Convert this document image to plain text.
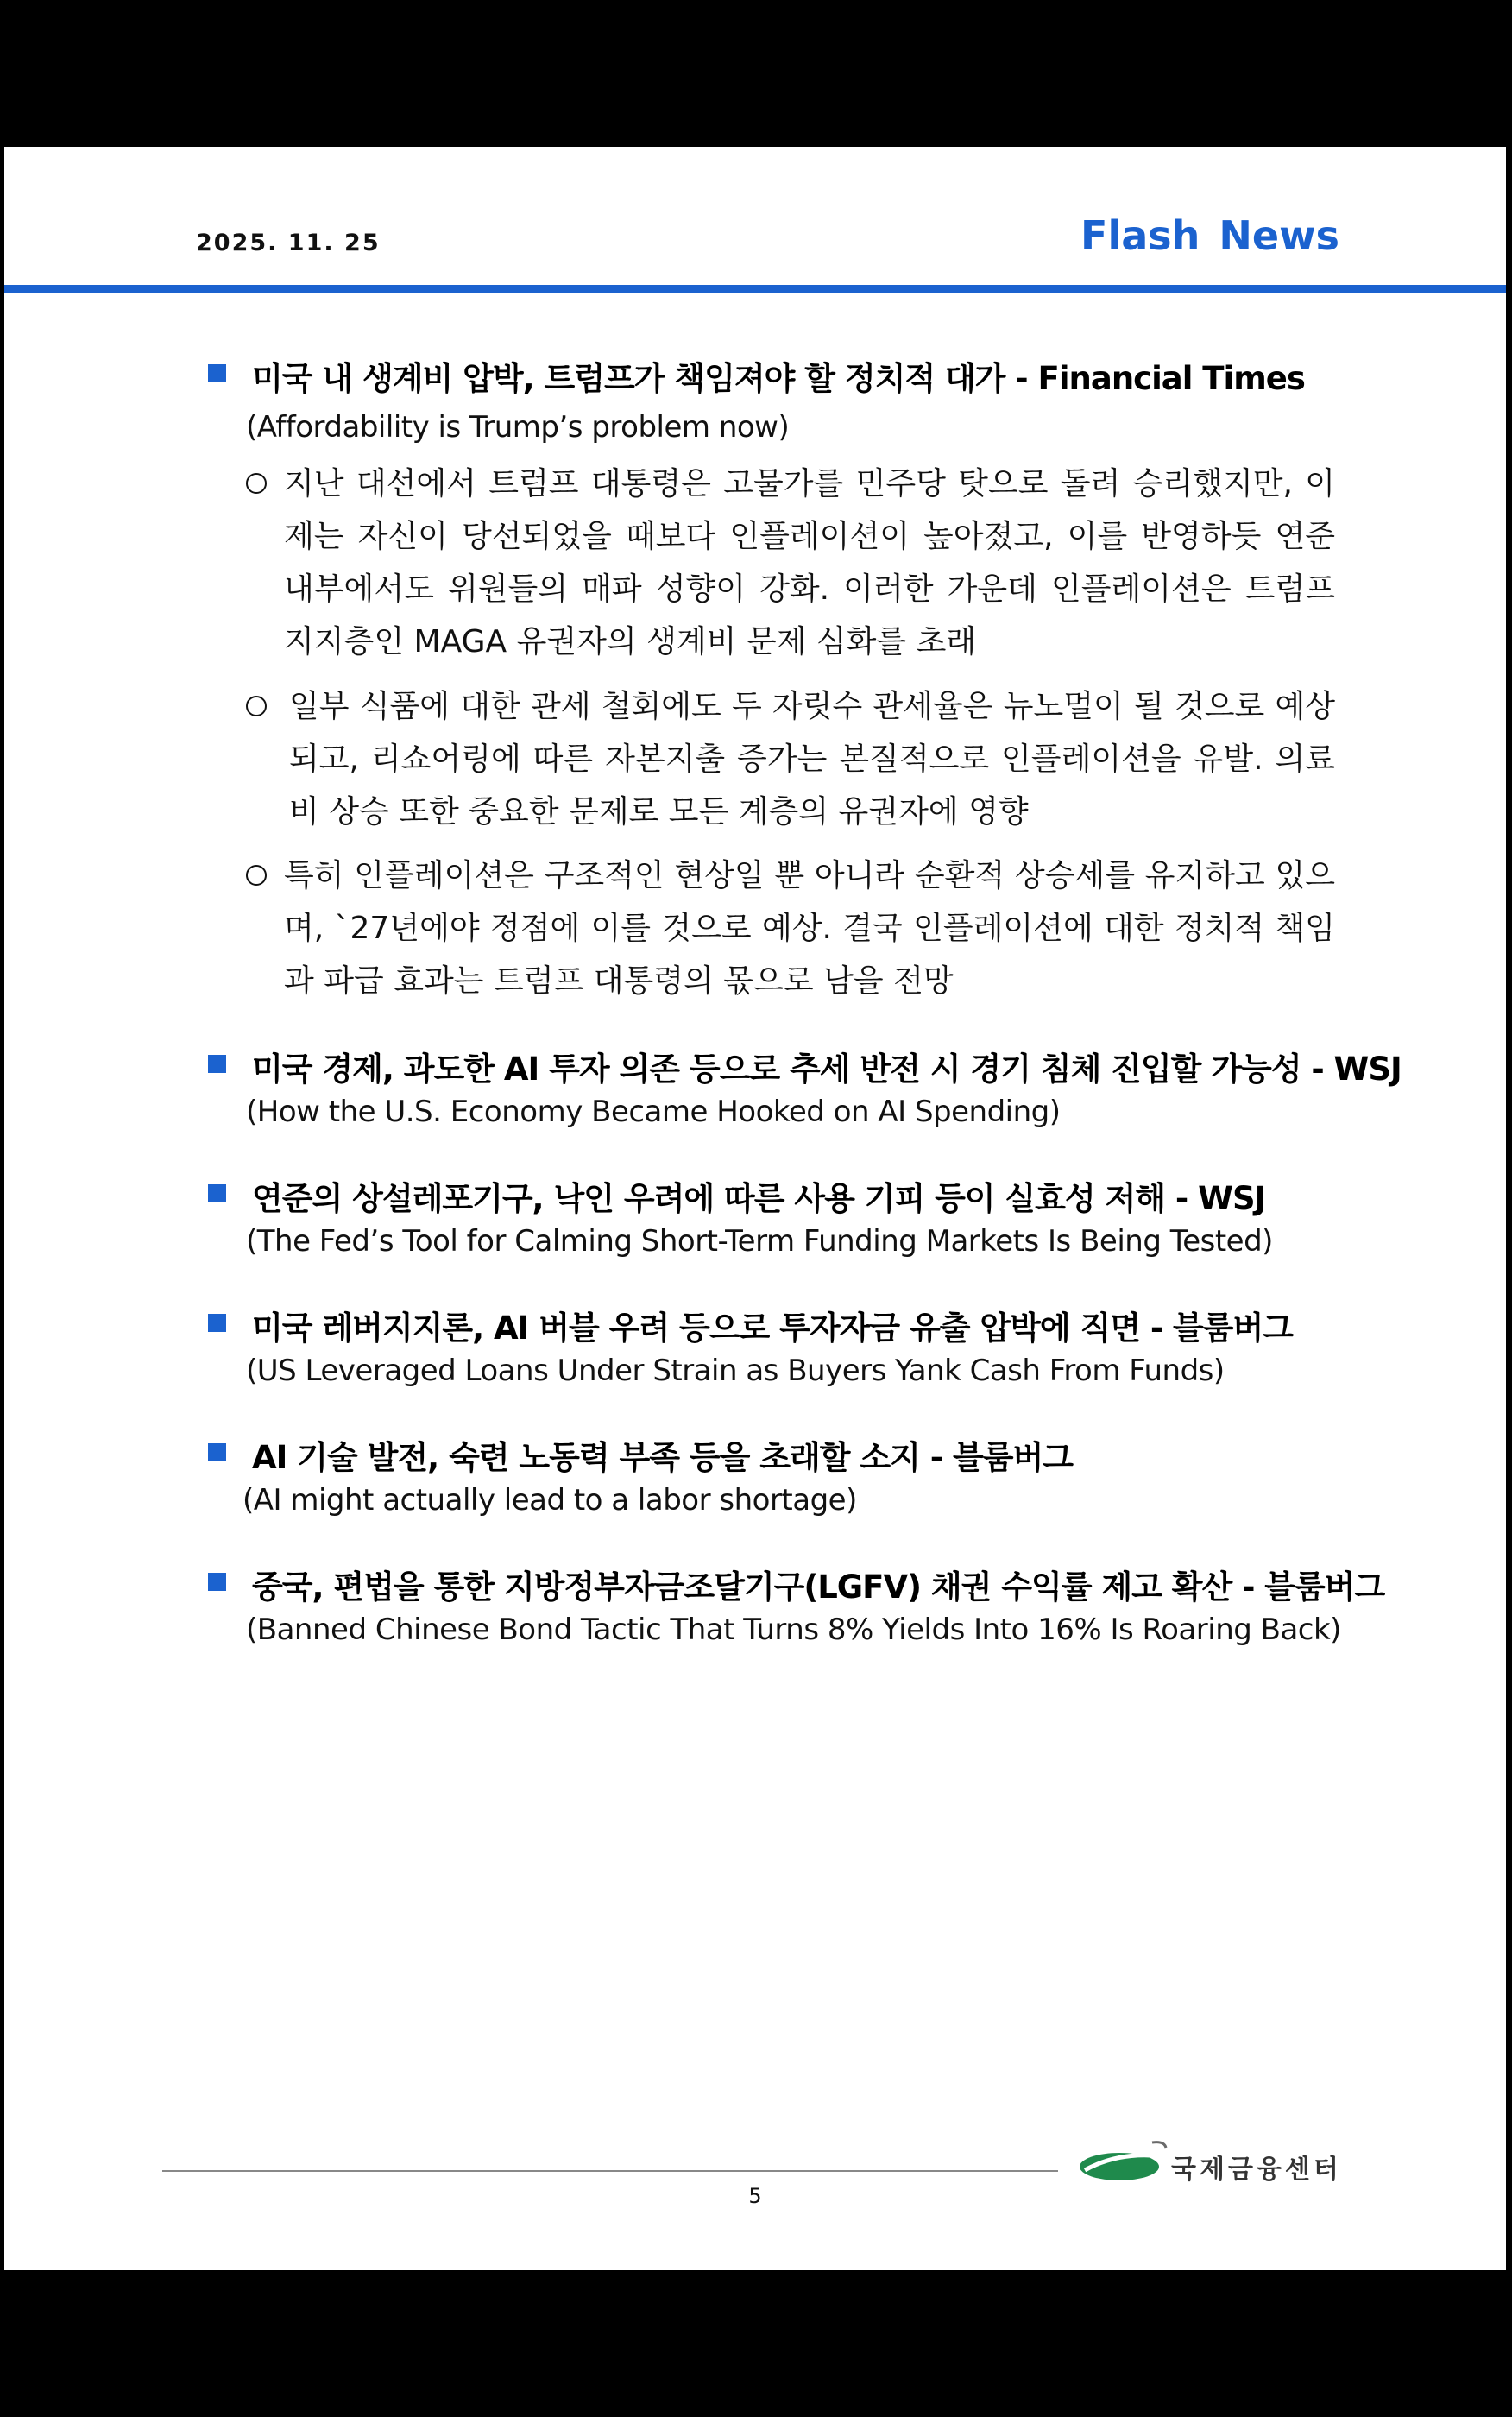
2025. 11. 25	Flash News
미국 내 생계비 압박, 트럼프가 책임져야 할 정치적 대가 - Financial Times
(Affordability is Trump’s problem now)
지난 대선에서 트럼프 대통령은 고물가를 민주당 탓으로 돌려 승리했지만, 이제는 자신이 당선되었을 때보다 인플레이션이 높아졌고, 이를 반영하듯 연준 내부에서도 위원들의 매파 성향이 강화. 이러한 가운데 인플레이션은 트럼프 지지층인 MAGA 유권자의 생계비 문제 심화를 초래
일부 식품에 대한 관세 철회에도 두 자릿수 관세율은 뉴노멀이 될 것으로 예상되고, 리쇼어링에 따른 자본지출 증가는 본질적으로 인플레이션을 유발. 의료비 상승 또한 중요한 문제로 모든 계층의 유권자에 영향
특히 인플레이션은 구조적인 현상일 뿐 아니라 순환적 상승세를 유지하고 있으며, `27년에야 정점에 이를 것으로 예상. 결국 인플레이션에 대한 정치적 책임과 파급 효과는 트럼프 대통령의 몫으로 남을 전망
미국 경제, 과도한 AI 투자 의존 등으로 추세 반전 시 경기 침체 진입할 가능성 - WSJ
(How the U.S. Economy Became Hooked on AI Spending)
연준의 상설레포기구, 낙인 우려에 따른 사용 기피 등이 실효성 저해 - WSJ
(The Fed’s Tool for Calming Short-Term Funding Markets Is Being Tested)
미국 레버지지론, AI 버블 우려 등으로 투자자금 유출 압박에 직면 - 블룸버그
(US Leveraged Loans Under Strain as Buyers Yank Cash From Funds)
AI 기술 발전, 숙련 노동력 부족 등을 초래할 소지 - 블룸버그
(AI might actually lead to a labor shortage)
중국, 편법을 통한 지방정부자금조달기구(LGFV) 채권 수익률 제고 확산 - 블룸버그
(Banned Chinese Bond Tactic That Turns 8% Yields Into 16% Is Roaring Back)
5
국제금융센터
